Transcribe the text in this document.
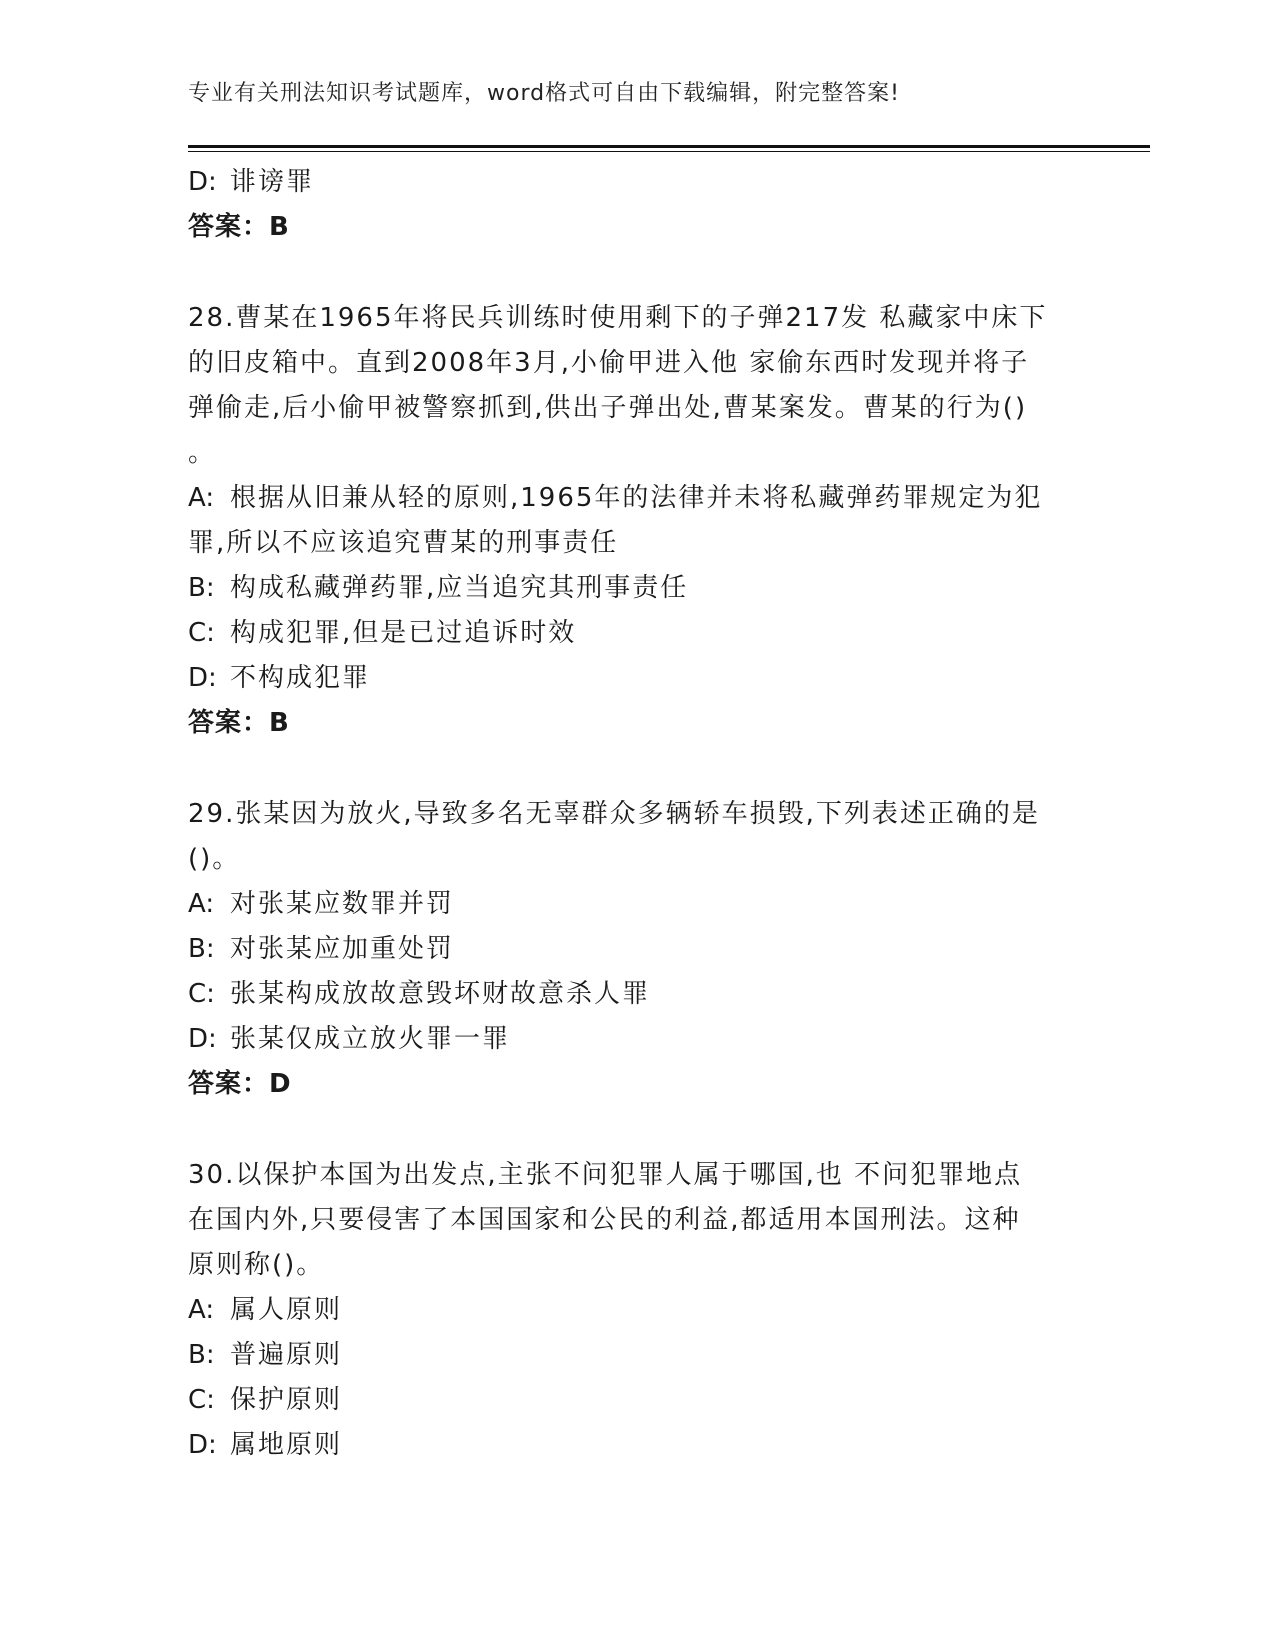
专业有关刑法知识考试题库，word格式可自由下载编辑，附完整答案!
D: 诽谤罪
答案：B
28.曹某在1965年将民兵训练时使用剩下的子弹217发 私藏家中床下
的旧皮箱中。直到2008年3月,小偷甲进入他 家偷东西时发现并将子
弹偷走,后小偷甲被警察抓到,供出子弹出处,曹某案发。曹某的行为()
。
A: 根据从旧兼从轻的原则,1965年的法律并未将私藏弹药罪规定为犯
罪,所以不应该追究曹某的刑事责任
B: 构成私藏弹药罪,应当追究其刑事责任
C: 构成犯罪,但是已过追诉时效
D: 不构成犯罪
答案：B
29.张某因为放火,导致多名无辜群众多辆轿车损毁,下列表述正确的是
()。
A: 对张某应数罪并罚
B: 对张某应加重处罚
C: 张某构成放故意毁坏财故意杀人罪
D: 张某仅成立放火罪一罪
答案：D
30.以保护本国为出发点,主张不问犯罪人属于哪国,也 不问犯罪地点
在国内外,只要侵害了本国国家和公民的利益,都适用本国刑法。这种
原则称()。
A: 属人原则
B: 普遍原则
C: 保护原则
D: 属地原则
